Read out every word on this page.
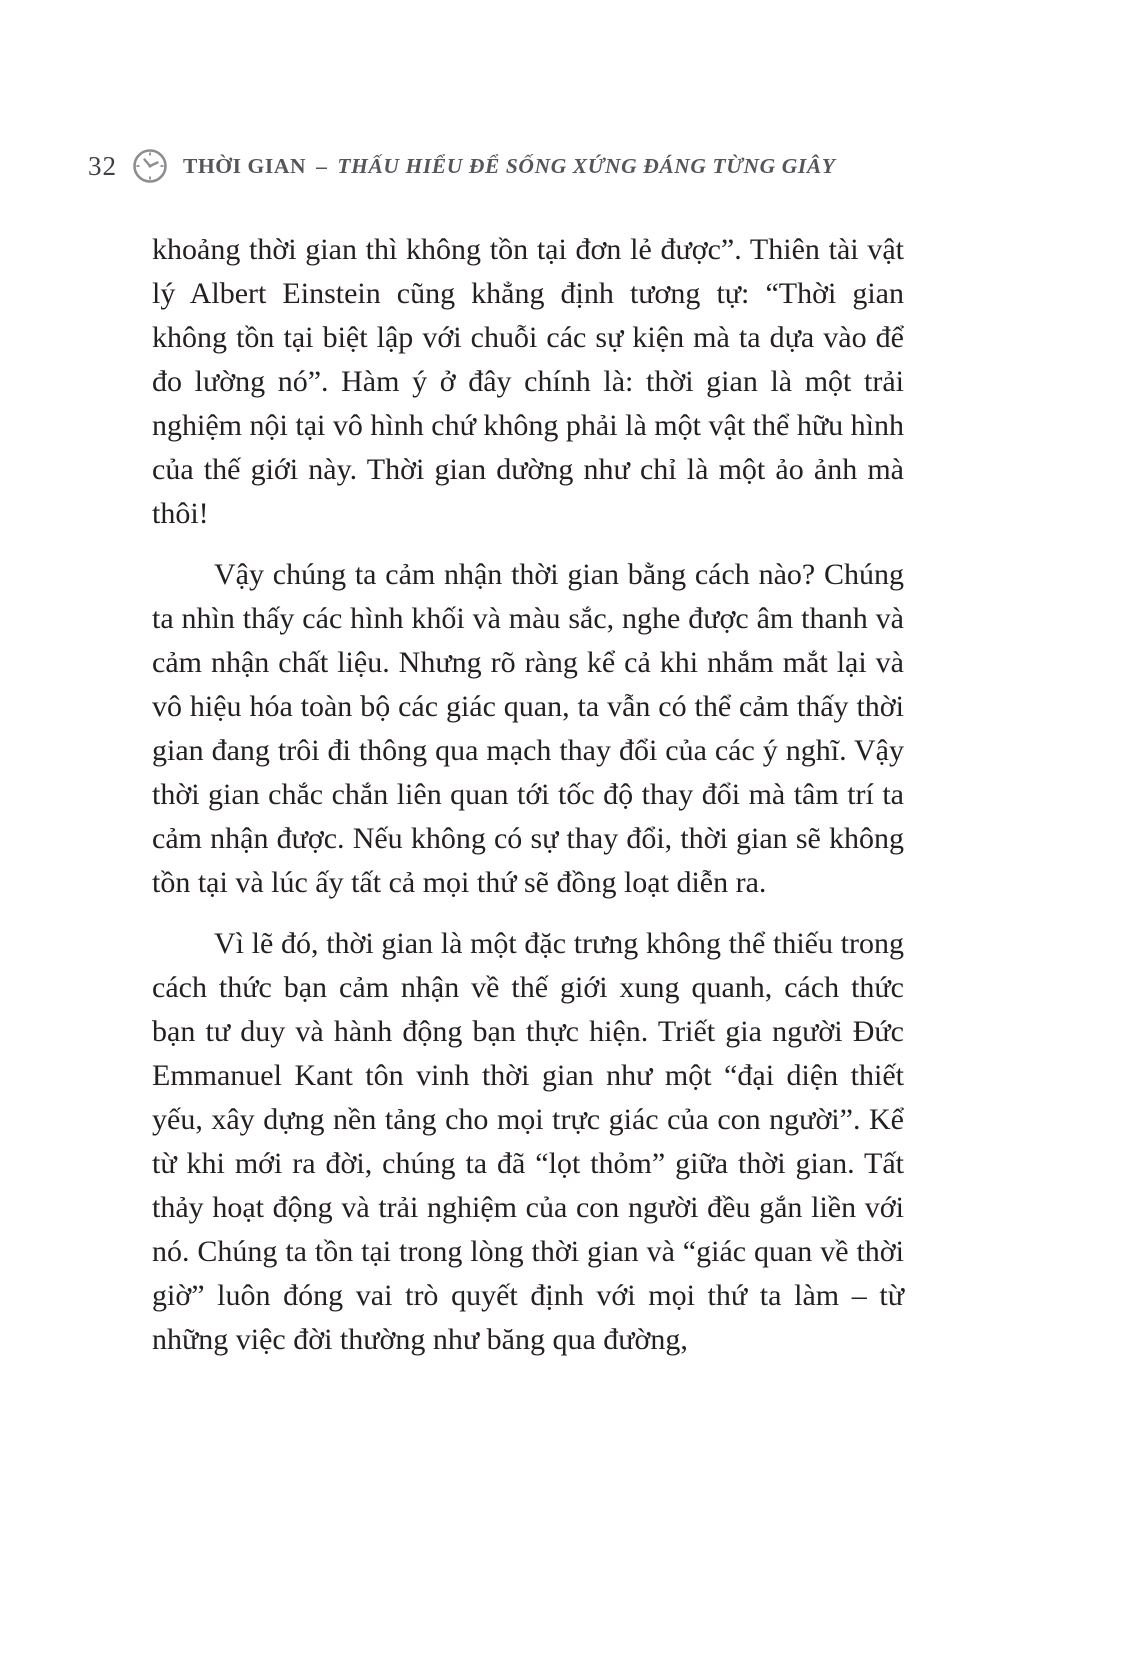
32	THỜI GIAN – THẤU HIỂU ĐỂ SỐNG XỨNG ĐÁNG TỪNG GIÂY

khoảng thời gian thì không tồn tại đơn lẻ được”. Thiên tài vật lý Albert Einstein cũng khẳng định tương tự: “Thời gian không tồn tại biệt lập với chuỗi các sự kiện mà ta dựa vào để đo lường nó”. Hàm ý ở đây chính là: thời gian là một trải nghiệm nội tại vô hình chứ không phải là một vật thể hữu hình của thế giới này. Thời gian dường như chỉ là một ảo ảnh mà thôi!

Vậy chúng ta cảm nhận thời gian bằng cách nào? Chúng ta nhìn thấy các hình khối và màu sắc, nghe được âm thanh và cảm nhận chất liệu. Nhưng rõ ràng kể cả khi nhắm mắt lại và vô hiệu hóa toàn bộ các giác quan, ta vẫn có thể cảm thấy thời gian đang trôi đi thông qua mạch thay đổi của các ý nghĩ. Vậy thời gian chắc chắn liên quan tới tốc độ thay đổi mà tâm trí ta cảm nhận được. Nếu không có sự thay đổi, thời gian sẽ không tồn tại và lúc ấy tất cả mọi thứ sẽ đồng loạt diễn ra.

Vì lẽ đó, thời gian là một đặc trưng không thể thiếu trong cách thức bạn cảm nhận về thế giới xung quanh, cách thức bạn tư duy và hành động bạn thực hiện. Triết gia người Đức Emmanuel Kant tôn vinh thời gian như một “đại diện thiết yếu, xây dựng nền tảng cho mọi trực giác của con người”. Kể từ khi mới ra đời, chúng ta đã “lọt thỏm” giữa thời gian. Tất thảy hoạt động và trải nghiệm của con người đều gắn liền với nó. Chúng ta tồn tại trong lòng thời gian và “giác quan về thời giờ” luôn đóng vai trò quyết định với mọi thứ ta làm – từ những việc đời thường như băng qua đường,
